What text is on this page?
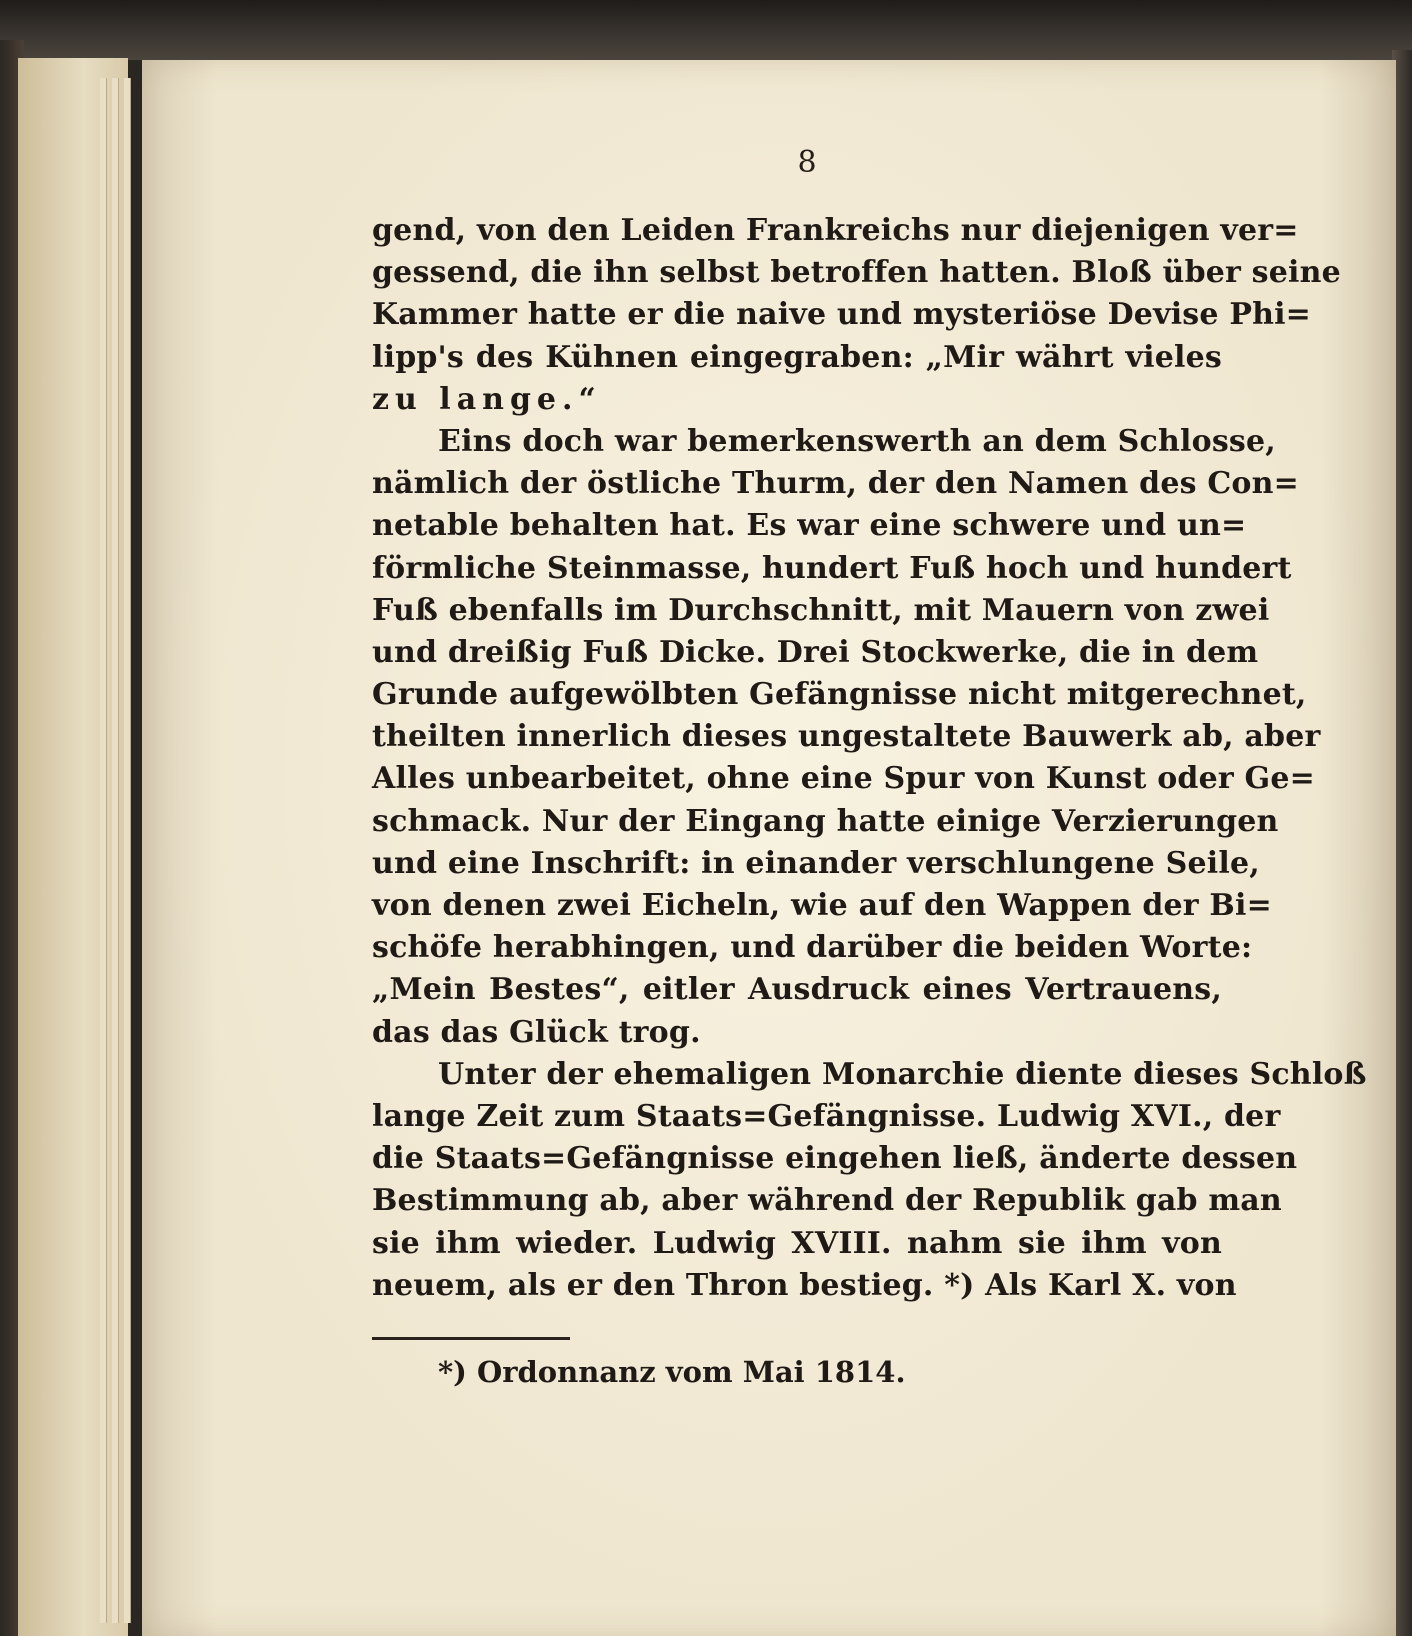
8
gend, von den Leiden Frankreichs nur diejenigen ver=
gessend, die ihn selbst betroffen hatten. Bloß über seine
Kammer hatte er die naive und mysteriöse Devise Phi=
lipp's des Kühnen eingegraben: „Mir währt vieles
zu lange.“
Eins doch war bemerkenswerth an dem Schlosse,
nämlich der östliche Thurm, der den Namen des Con=
netable behalten hat. Es war eine schwere und un=
förmliche Steinmasse, hundert Fuß hoch und hundert
Fuß ebenfalls im Durchschnitt, mit Mauern von zwei
und dreißig Fuß Dicke. Drei Stockwerke, die in dem
Grunde aufgewölbten Gefängnisse nicht mitgerechnet,
theilten innerlich dieses ungestaltete Bauwerk ab, aber
Alles unbearbeitet, ohne eine Spur von Kunst oder Ge=
schmack. Nur der Eingang hatte einige Verzierungen
und eine Inschrift: in einander verschlungene Seile,
von denen zwei Eicheln, wie auf den Wappen der Bi=
schöfe herabhingen, und darüber die beiden Worte:
„Mein Bestes“, eitler Ausdruck eines Vertrauens,
das das Glück trog.
Unter der ehemaligen Monarchie diente dieses Schloß
lange Zeit zum Staats=Gefängnisse. Ludwig XVI., der
die Staats=Gefängnisse eingehen ließ, änderte dessen
Bestimmung ab, aber während der Republik gab man
sie ihm wieder. Ludwig XVIII. nahm sie ihm von
neuem, als er den Thron bestieg. *) Als Karl X. von
*) Ordonnanz vom Mai 1814.
